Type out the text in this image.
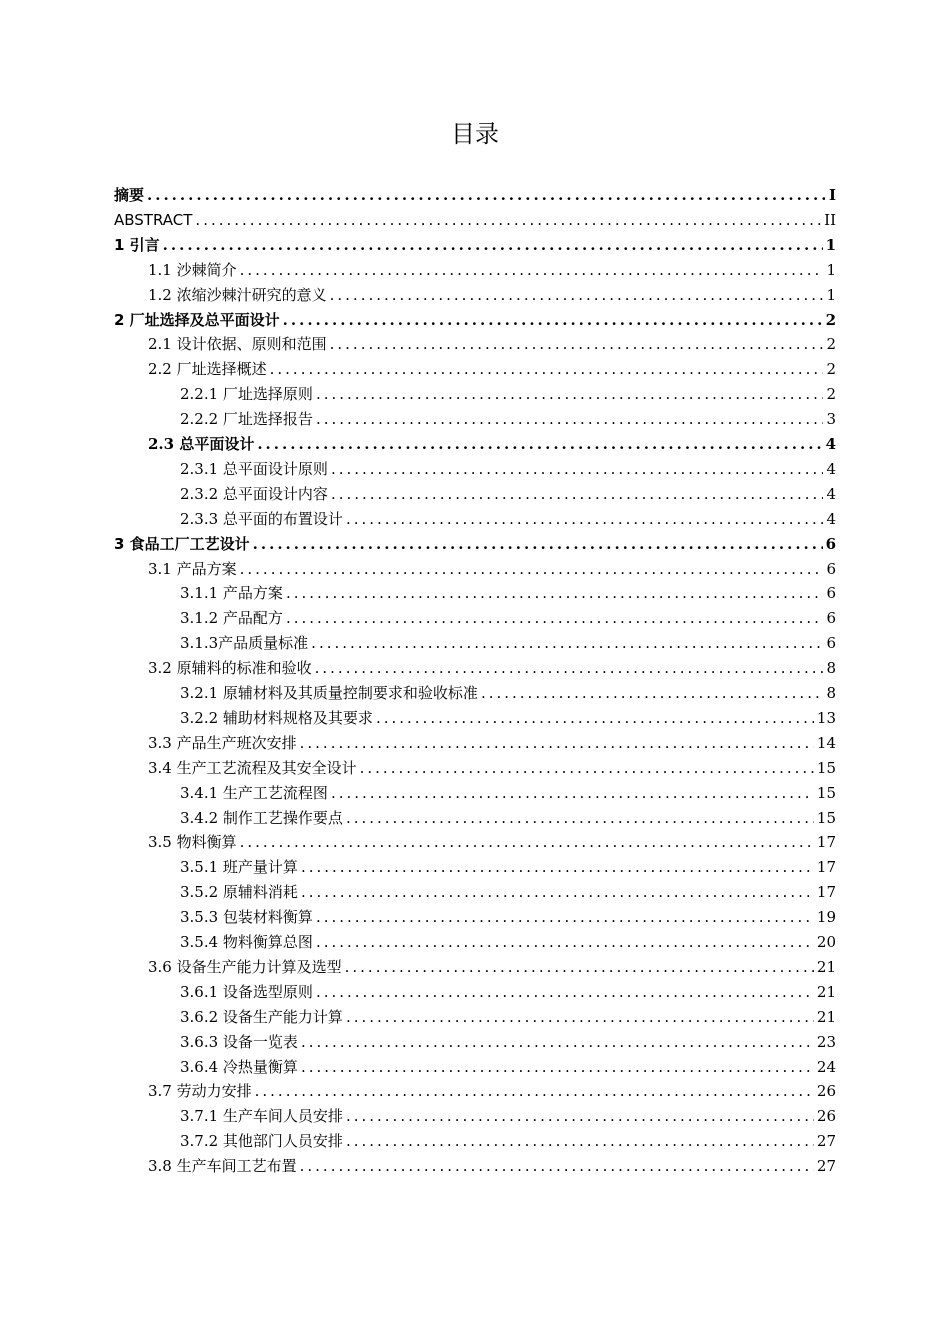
目录
摘要 .....	I
ABSTRACT .....	II
1 引言 .....	1
1.1 沙棘简介 .....	1
1.2 浓缩沙棘汁研究的意义 .....	1
2 厂址选择及总平面设计 .....	2
2.1 设计依据、原则和范围 .....	2
2.2 厂址选择概述 .....	2
2.2.1 厂址选择原则 .....	2
2.2.2 厂址选择报告 .....	3
2.3 总平面设计 .....	4
2.3.1 总平面设计原则 .....	4
2.3.2 总平面设计内容 .....	4
2.3.3 总平面的布置设计 .....	4
3 食品工厂工艺设计 .....	6
3.1 产品方案 .....	6
3.1.1 产品方案 .....	6
3.1.2 产品配方 .....	6
3.1.3产品质量标准 .....	6
3.2 原辅料的标准和验收 .....	8
3.2.1 原辅材料及其质量控制要求和验收标准 .....	8
3.2.2 辅助材料规格及其要求 .....	13
3.3 产品生产班次安排 .....	14
3.4 生产工艺流程及其安全设计 .....	15
3.4.1 生产工艺流程图 .....	15
3.4.2 制作工艺操作要点 .....	15
3.5 物料衡算 .....	17
3.5.1 班产量计算 .....	17
3.5.2 原辅料消耗 .....	17
3.5.3 包装材料衡算 .....	19
3.5.4 物料衡算总图 .....	20
3.6 设备生产能力计算及选型 .....	21
3.6.1 设备选型原则 .....	21
3.6.2 设备生产能力计算 .....	21
3.6.3 设备一览表 .....	23
3.6.4 冷热量衡算 .....	24
3.7 劳动力安排 .....	26
3.7.1 生产车间人员安排 .....	26
3.7.2 其他部门人员安排 .....	27
3.8 生产车间工艺布置 .....	27
